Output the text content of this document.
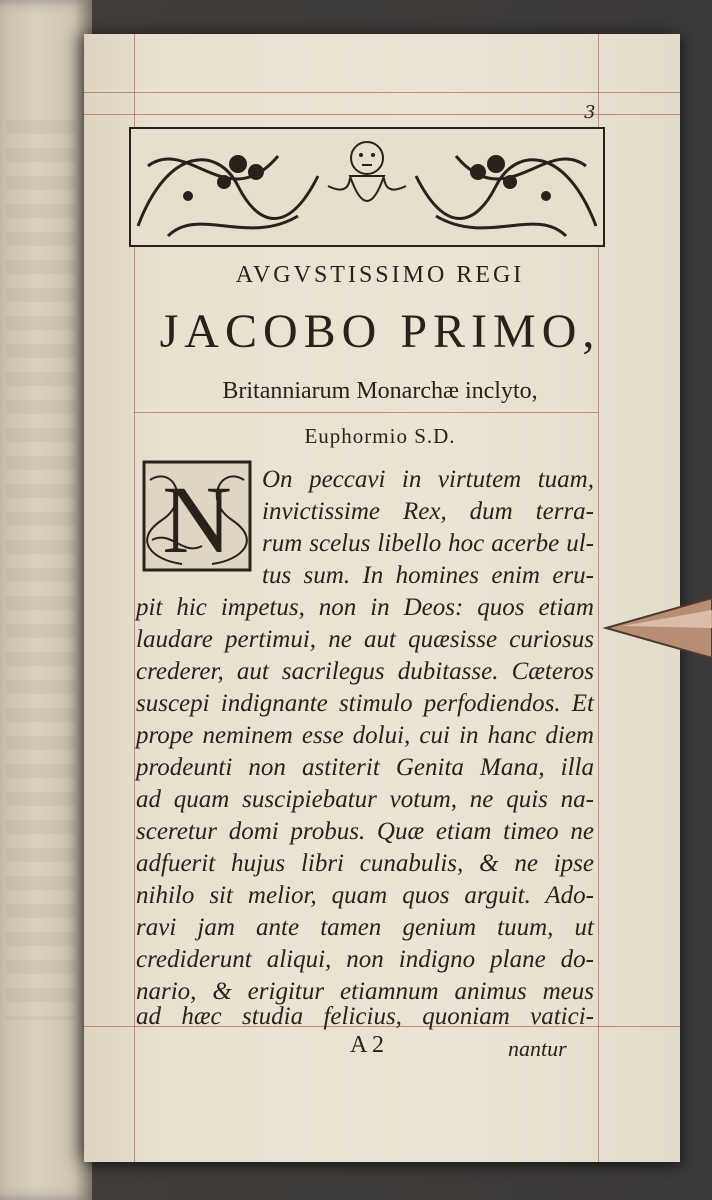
3
AVGVSTISSIMO REGI
JACOBO PRIMO,
Britanniarum Monarchæ inclyto,
Euphormio S.D.
N On peccavi in virtutem tuam,
invictissime Rex, dum terra-
rum scelus libello hoc acerbe ul-
tus sum. In homines enim eru-
pit hic impetus, non in Deos: quos etiam
laudare pertimui, ne aut quæsisse curiosus
crederer, aut sacrilegus dubitasse. Cæteros
suscepi indignante stimulo perfodiendos. Et
prope neminem esse dolui, cui in hanc diem
prodeunti non astiterit Genita Mana, illa
ad quam suscipiebatur votum, ne quis na-
sceretur domi probus. Quæ etiam timeo ne
adfuerit hujus libri cunabulis, & ne ipse
nihilo sit melior, quam quos arguit. Ado-
ravi jam ante tamen genium tuum, ut
crediderunt aliqui, non indigno plane do-
nario, & erigitur etiamnum animus meus
ad hæc studia felicius, quoniam vatici-
A 2	nantur
